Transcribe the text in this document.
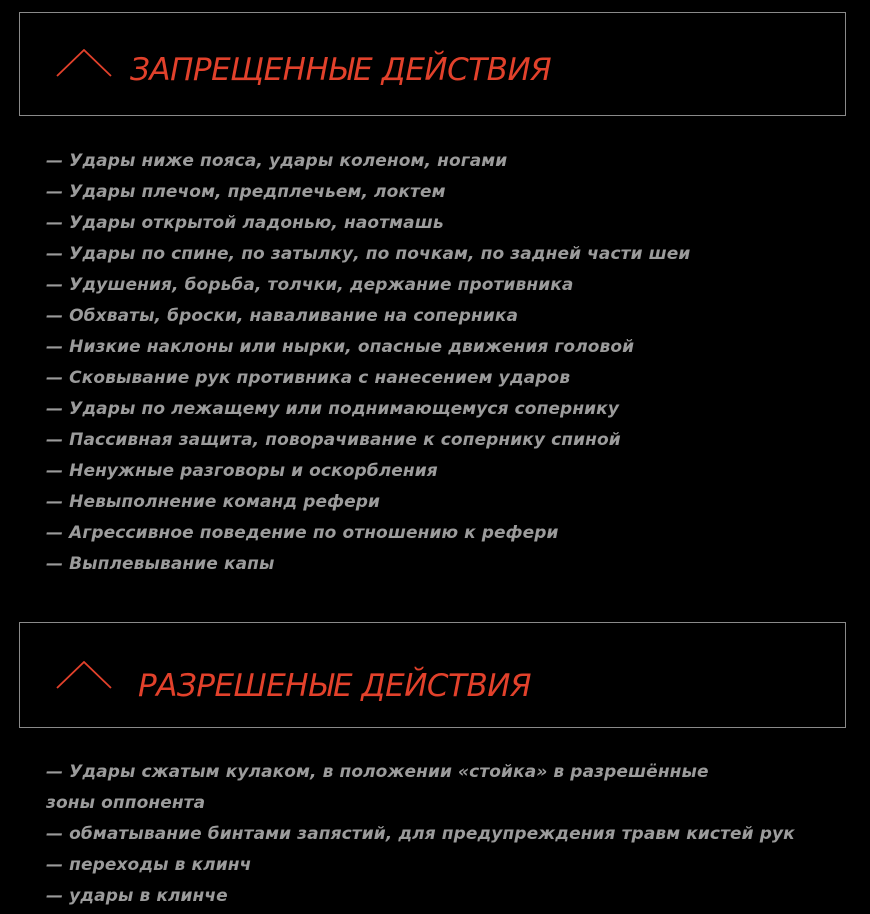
ЗАПРЕЩЕННЫЕ ДЕЙСТВИЯ
— Удары ниже пояса, удары коленом, ногами
— Удары плечом, предплечьем, локтем
— Удары открытой ладонью, наотмашь
— Удары по спине, по затылку, по почкам, по задней части шеи
— Удушения, борьба, толчки, держание противника
— Обхваты, броски, наваливание на соперника
— Низкие наклоны или нырки, опасные движения головой
— Сковывание рук противника с нанесением ударов
— Удары по лежащему или поднимающемуся сопернику
— Пассивная защита, поворачивание к сопернику спиной
— Ненужные разговоры и оскорбления
— Невыполнение команд рефери
— Агрессивное поведение по отношению к рефери
— Выплевывание капы
РАЗРЕШЕНЫЕ ДЕЙСТВИЯ
— Удары сжатым кулаком, в положении «стойка» в разрешённые зоны оппонента
— обматывание бинтами запястий, для предупреждения травм кистей рук
— переходы в клинч
— удары в клинче
